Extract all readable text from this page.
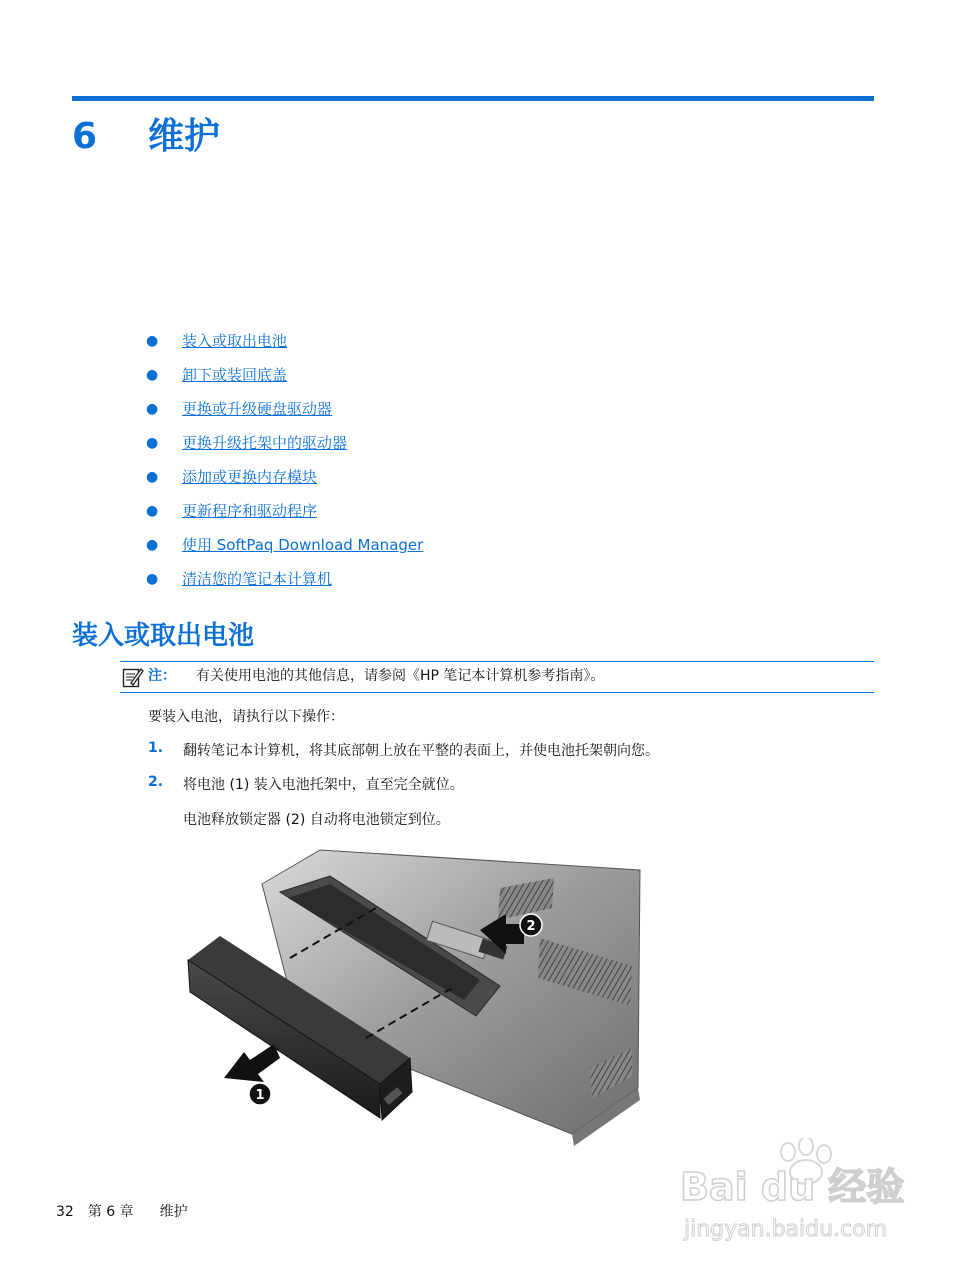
6 维护
● 装入或取出电池
● 卸下或装回底盖
● 更换或升级硬盘驱动器
● 更换升级托架中的驱动器
● 添加或更换内存模块
● 更新程序和驱动程序
● 使用 SoftPaq Download Manager
● 清洁您的笔记本计算机
装入或取出电池
注： 有关使用电池的其他信息，请参阅《HP 笔记本计算机参考指南》。
要装入电池，请执行以下操作：
1. 翻转笔记本计算机，将其底部朝上放在平整的表面上，并使电池托架朝向您。
2. 将电池 (1) 装入电池托架中，直至完全就位。
电池释放锁定器 (2) 自动将电池锁定到位。
2
1
32 第 6 章 维护
Bai du 经验
jingyan.baidu.com
